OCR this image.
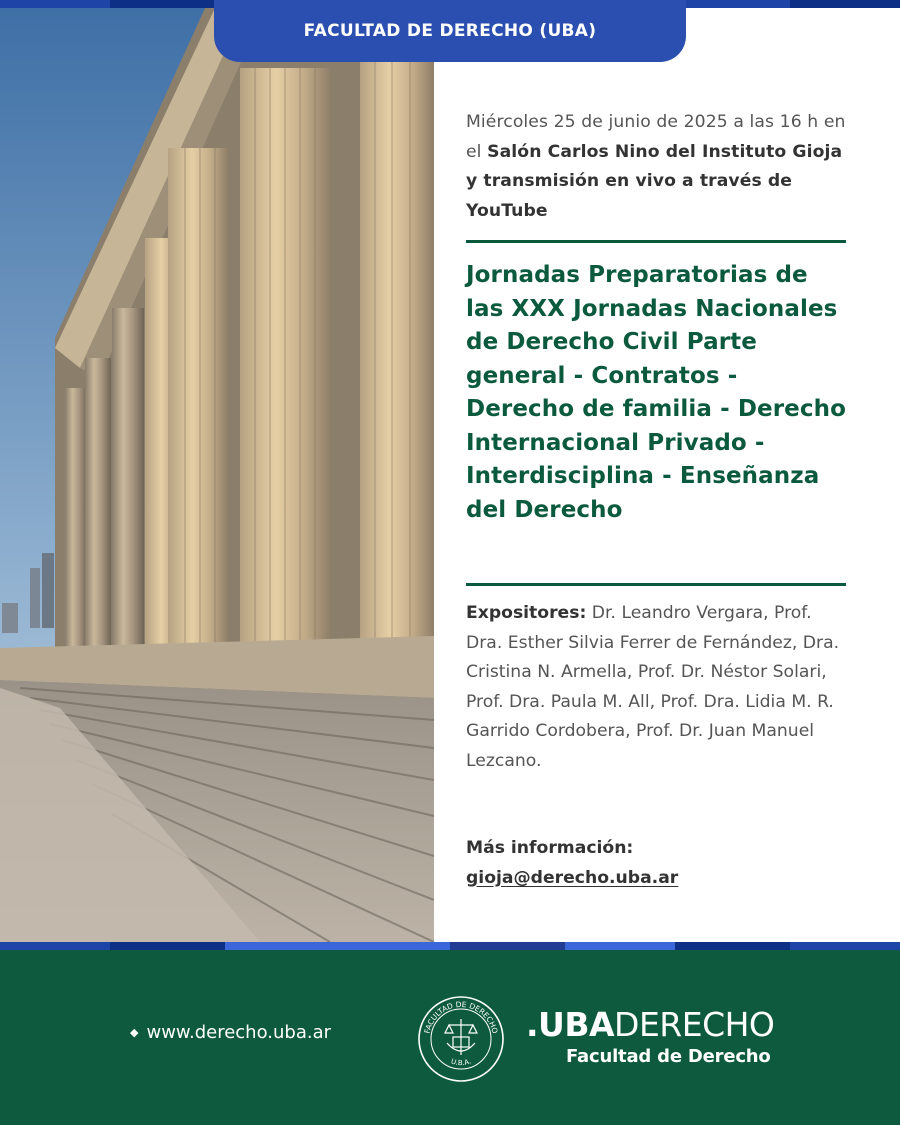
FACULTAD DE DERECHO (UBA)
Miércoles 25 de junio de 2025 a las 16 h en el Salón Carlos Nino del Instituto Gioja y transmisión en vivo a través de YouTube
Jornadas Preparatorias de las XXX Jornadas Nacionales de Derecho Civil Parte general - Contratos - Derecho de familia - Derecho Internacional Privado - Interdisciplina - Enseñanza del Derecho
Expositores: Dr. Leandro Vergara, Prof. Dra. Esther Silvia Ferrer de Fernández, Dra. Cristina N. Armella, Prof. Dr. Néstor Solari, Prof. Dra. Paula M. All, Prof. Dra. Lidia M. R. Garrido Cordobera, Prof. Dr. Juan Manuel Lezcano.
Más información:
gioja@derecho.uba.ar
◆ www.derecho.uba.ar	FACULTAD DE DERECHO
U.B.A.
.UBADERECHO
Facultad de Derecho
